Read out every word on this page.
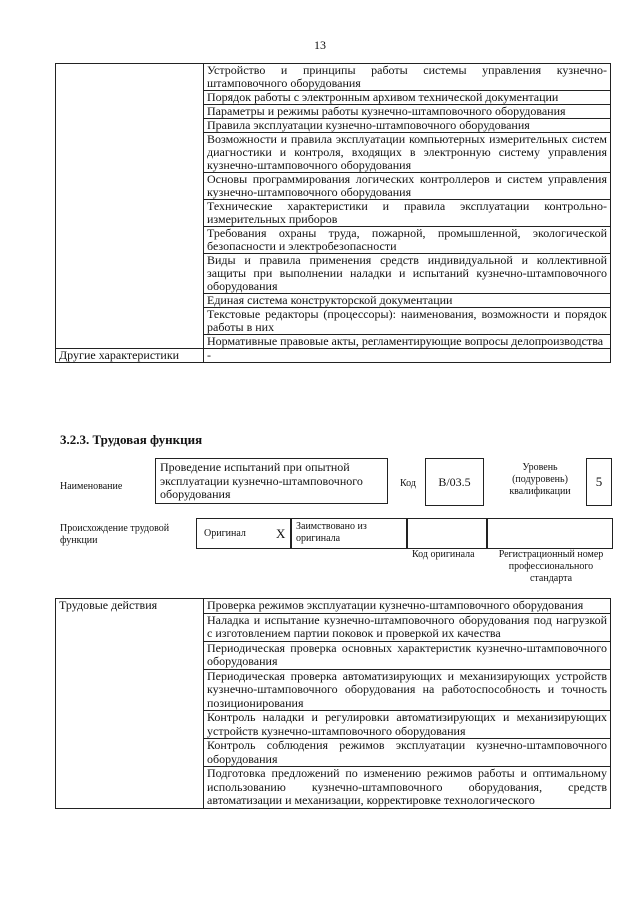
13
	Устройство и принципы работы системы управления кузнечно-штамповочного оборудования
	Порядок работы с электронным архивом технической документации
	Параметры и режимы работы кузнечно-штамповочного оборудования
	Правила эксплуатации кузнечно-штамповочного оборудования
	Возможности и правила эксплуатации компьютерных измерительных систем диагностики и контроля, входящих в электронную систему управления кузнечно-штамповочного оборудования
	Основы программирования логических контроллеров и систем управления кузнечно-штамповочного оборудования
	Технические характеристики и правила эксплуатации контрольно-измерительных приборов
	Требования охраны труда, пожарной, промышленной, экологической безопасности и электробезопасности
	Виды и правила применения средств индивидуальной и коллективной защиты при выполнении наладки и испытаний кузнечно-штамповочного оборудования
	Единая система конструкторской документации
	Текстовые редакторы (процессоры): наименования, возможности и порядок работы в них
	Нормативные правовые акты, регламентирующие вопросы делопроизводства
Другие характеристики	-
3.2.3. Трудовая функция
Наименование
Проведение испытаний при опытной эксплуатации кузнечно-штамповочного оборудования
Код	B/03.5
Уровень (подуровень) квалификации
5
Происхождение трудовой функции
Оригинал X Заимствовано из оригинала
Код оригинала	Регистрационный номер профессионального стандарта
Трудовые действия	Проверка режимов эксплуатации кузнечно-штамповочного оборудования
Наладка и испытание кузнечно-штамповочного оборудования под нагрузкой с изготовлением партии поковок и проверкой их качества
Периодическая проверка основных характеристик кузнечно-штамповочного оборудования
Периодическая проверка автоматизирующих и механизирующих устройств кузнечно-штамповочного оборудования на работоспособность и точность позиционирования
Контроль наладки и регулировки автоматизирующих и механизирующих устройств кузнечно-штамповочного оборудования
Контроль соблюдения режимов эксплуатации кузнечно-штамповочного оборудования
Подготовка предложений по изменению режимов работы и оптимальному использованию кузнечно-штамповочного оборудования, средств автоматизации и механизации, корректировке технологического
